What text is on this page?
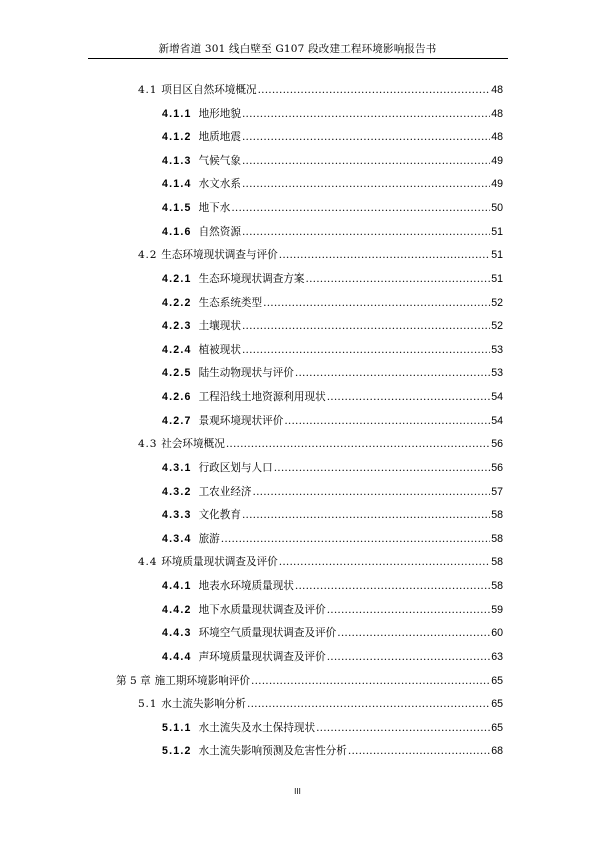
新增省道 301 线白壁至 G107 段改建工程环境影响报告书
4.1 项目区自然环境概况 .....	48
4.1.1 地形地貌 .....	48
4.1.2 地质地震 .....	48
4.1.3 气候气象 .....	49
4.1.4 水文水系 .....	49
4.1.5 地下水 .....	50
4.1.6 自然资源 .....	51
4.2 生态环境现状调查与评价 .....	51
4.2.1 生态环境现状调查方案 .....	51
4.2.2 生态系统类型 .....	52
4.2.3 土壤现状 .....	52
4.2.4 植被现状 .....	53
4.2.5 陆生动物现状与评价 .....	53
4.2.6 工程沿线土地资源利用现状 .....	54
4.2.7 景观环境现状评价 .....	54
4.3 社会环境概况 .....	56
4.3.1 行政区划与人口 .....	56
4.3.2 工农业经济 .....	57
4.3.3 文化教育 .....	58
4.3.4 旅游 .....	58
4.4 环境质量现状调查及评价 .....	58
4.4.1 地表水环境质量现状 .....	58
4.4.2 地下水质量现状调查及评价 .....	59
4.4.3 环境空气质量现状调查及评价 .....	60
4.4.4 声环境质量现状调查及评价 .....	63
第 5 章 施工期环境影响评价 .....	65
5.1 水土流失影响分析 .....	65
5.1.1 水土流失及水土保持现状 .....	65
5.1.2 水土流失影响预测及危害性分析 .....	68
III
